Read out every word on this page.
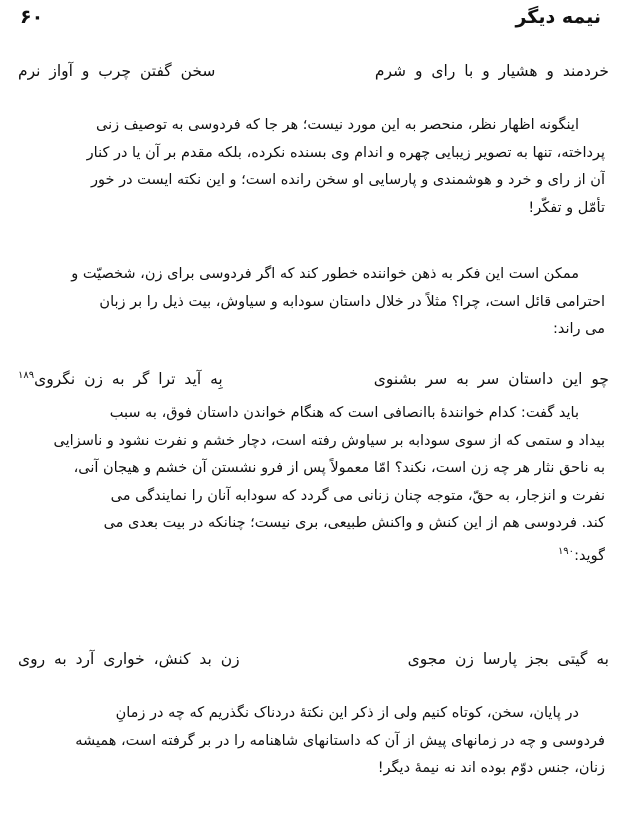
نیمه دیگر
۶۰
خردمند و هشیار و با رای و شرم
سخن گفتن چرب و آواز نرم
اینگونه اظهار نظر، منحصر به این مورد نیست؛ هر جا که فردوسی به توصیف زنی
پرداخته، تنها به تصویر زیبایی چهره و اندام وی بسنده نکرده، بلکه مقدم بر آن یا در کنار
آن از رای و خرد و هوشمندی و پارسایی او سخن رانده است؛ و این نکته ایست در خور
تأمّل و تفکّر!
ممکن است این فکر به ذهن خواننده خطور کند که اگر فردوسی برای زن، شخصیّت و
احترامی قائل است، چرا؟ مثلاً در خلال داستان سودابه و سیاوش، بیت ذیل را بر زبان
می راند:
چو این داستان سر به سر بشنوی
بِه آید ترا گر به زن نگروی$^{۱۸۹}$
باید گفت: کدام خوانندهٔ باانصافی است که هنگام خواندن داستان فوق، به سبب
بیداد و ستمی که از سوی سودابه بر سیاوش رفته است، دچار خشم و نفرت نشود و ناسزایی
به ناحق نثار هر چه زن است، نکند؟ امّا معمولاً پس از فرو نشستن آن خشم و هیجان آنی،
نفرت و انزجار، به حقّ، متوجه چنان زنانی می گردد که سودابه آنان را نمایندگی می
کند. فردوسی هم از این کنش و واکنش طبیعی، بری نیست؛ چنانکه در بیت بعدی می
گوید:$^{۱۹۰}$
به گیتی بجز پارسا زن مجوی
زن بد کنش، خواری آرد به روی
در پایان، سخن، کوتاه کنیم ولی از ذکر این نکتهٔ دردناک نگذریم که چه در زمانِ
فردوسی و چه در زمانهای پیش از آن که داستانهای شاهنامه را در بر گرفته است، همیشه
زنان، جنس دوّم بوده اند نه نیمهٔ دیگر!
